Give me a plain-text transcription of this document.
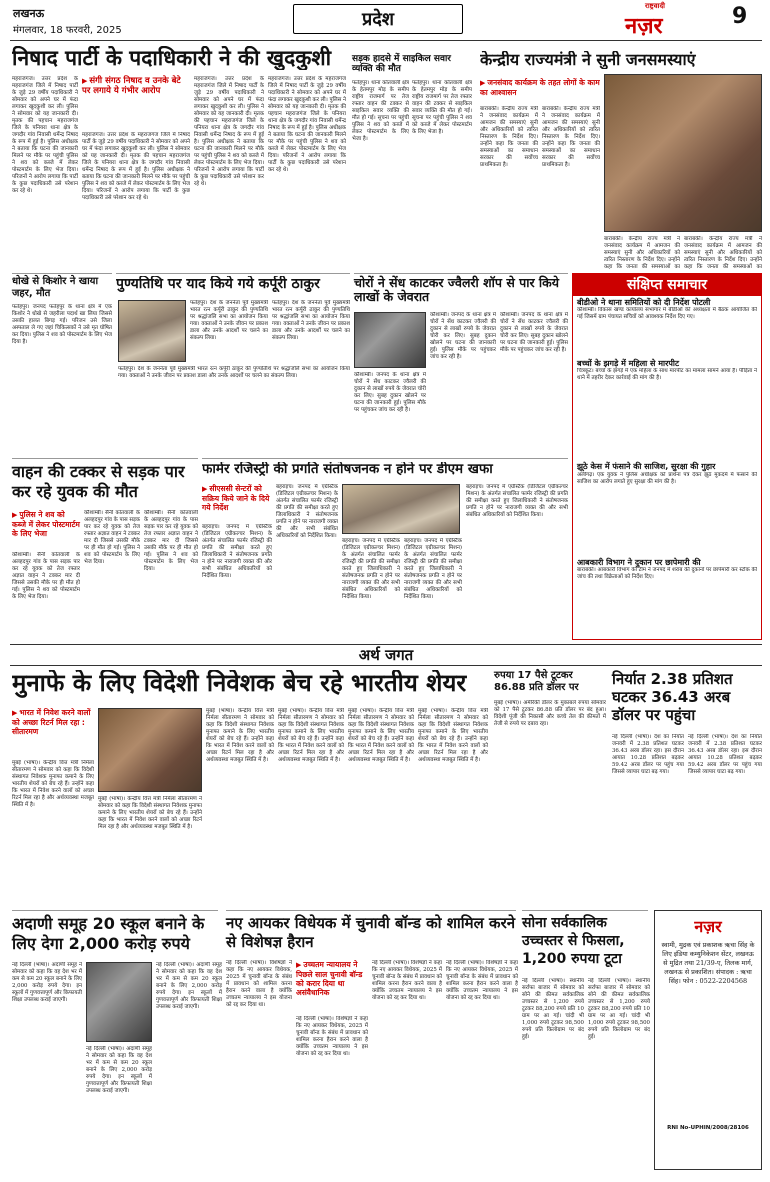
लखनऊ
मंगलवार, 18 फरवरी, 2025
प्रदेश
राष्ट्रवादी
नज़र	9
निषाद पार्टी के पदाधिकारी ने की खुदकुशी
महराजगंज। उत्तर प्रदेश के महराजगंज जिले में निषाद पार्टी के जुड़े 29 वर्षीय पदाधिकारी ने सोमवार को अपने घर में फंदा लगाकर खुदकुशी कर ली। पुलिस ने सोमवार को यह जानकारी दी। मृतक की पहचान महराजगंज जिले के पनियरा थाना क्षेत्र के जगदौर गांव निवासी धर्मेन्द्र निषाद के रूप में हुई है। पुलिस अधीक्षक ने बताया कि घटना की जानकारी मिलने पर मौके पर पहुंची पुलिस ने शव को कब्जे में लेकर पोस्टमार्टम के लिए भेज दिया। परिजनों ने आरोप लगाया कि पार्टी के कुछ पदाधिकारी उसे परेशान कर रहे थे।
▶ संगी संगठ निषाद व उनके बेटे पर लगाये ये गंभीर आरोप
महराजगंज। उत्तर प्रदेश के महराजगंज जिले में निषाद पार्टी के जुड़े 29 वर्षीय पदाधिकारी ने सोमवार को अपने घर में फंदा लगाकर खुदकुशी कर ली। पुलिस ने सोमवार को यह जानकारी दी। मृतक की पहचान महराजगंज जिले के पनियरा थाना क्षेत्र के जगदौर गांव निवासी धर्मेन्द्र निषाद के रूप में हुई है। पुलिस अधीक्षक ने बताया कि घटना की जानकारी मिलने पर मौके पर पहुंची पुलिस ने शव को कब्जे में लेकर पोस्टमार्टम के लिए भेज दिया। परिजनों ने आरोप लगाया कि पार्टी के कुछ पदाधिकारी उसे परेशान कर रहे थे।
महराजगंज। उत्तर प्रदेश के महराजगंज जिले में निषाद पार्टी के जुड़े 29 वर्षीय पदाधिकारी ने सोमवार को अपने घर में फंदा लगाकर खुदकुशी कर ली। पुलिस ने सोमवार को यह जानकारी दी। मृतक की पहचान महराजगंज जिले के पनियरा थाना क्षेत्र के जगदौर गांव निवासी धर्मेन्द्र निषाद के रूप में हुई है। पुलिस अधीक्षक ने बताया कि घटना की जानकारी मिलने पर मौके पर पहुंची पुलिस ने शव को कब्जे में लेकर पोस्टमार्टम के लिए भेज दिया। परिजनों ने आरोप लगाया कि पार्टी के कुछ पदाधिकारी उसे परेशान कर रहे थे।
महराजगंज। उत्तर प्रदेश के महराजगंज जिले में निषाद पार्टी के जुड़े 29 वर्षीय पदाधिकारी ने सोमवार को अपने घर में फंदा लगाकर खुदकुशी कर ली। पुलिस ने सोमवार को यह जानकारी दी। मृतक की पहचान महराजगंज जिले के पनियरा थाना क्षेत्र के जगदौर गांव निवासी धर्मेन्द्र निषाद के रूप में हुई है। पुलिस अधीक्षक ने बताया कि घटना की जानकारी मिलने पर मौके पर पहुंची पुलिस ने शव को कब्जे में लेकर पोस्टमार्टम के लिए भेज दिया। परिजनों ने आरोप लगाया कि पार्टी के कुछ पदाधिकारी उसे परेशान कर रहे थे।
सड़क हादसे में साइकिल सवार व्यक्ति की मौत
फतेहपुर। थाना कोतवाली क्षेत्र के हेतमपुर मोड़ के समीप राष्ट्रीय राजमार्ग पर तेज रफ्तार वाहन की टक्कर से साइकिल सवार व्यक्ति की मौत हो गई। सूचना पर पहुंची पुलिस ने शव को कब्जे में लेकर पोस्टमार्टम के लिए भेजा है।
फतेहपुर। थाना कोतवाली क्षेत्र के हेतमपुर मोड़ के समीप राष्ट्रीय राजमार्ग पर तेज रफ्तार वाहन की टक्कर से साइकिल सवार व्यक्ति की मौत हो गई। सूचना पर पहुंची पुलिस ने शव को कब्जे में लेकर पोस्टमार्टम के लिए भेजा है।
केन्द्रीय राज्यमंत्री ने सुनी जनसमस्याएं
▶ जनसंवाद कार्यक्रम के तहत लोगों के काम का आश्वासन
बाराबंकी। केन्द्रीय राज्य मंत्री ने जनसंवाद कार्यक्रम में आमजन की समस्याएं सुनी और अधिकारियों को त्वरित निस्तारण के निर्देश दिए। उन्होंने कहा कि जनता की समस्याओं का समाधान सरकार की सर्वोच्च प्राथमिकता है।
बाराबंकी। केन्द्रीय राज्य मंत्री ने जनसंवाद कार्यक्रम में आमजन की समस्याएं सुनी और अधिकारियों को त्वरित निस्तारण के निर्देश दिए। उन्होंने कहा कि जनता की समस्याओं का समाधान सरकार की सर्वोच्च प्राथमिकता है।
बाराबंकी। केन्द्रीय राज्य मंत्री ने जनसंवाद कार्यक्रम में आमजन की समस्याएं सुनी और अधिकारियों को त्वरित निस्तारण के निर्देश दिए। उन्होंने कहा कि जनता की समस्याओं का
बाराबंकी। केन्द्रीय राज्य मंत्री ने जनसंवाद कार्यक्रम में आमजन की समस्याएं सुनी और अधिकारियों को त्वरित निस्तारण के निर्देश दिए। उन्होंने कहा कि जनता की समस्याओं का
धोखे से किशोर ने खाया जहर, मौत
फतेहपुर। जनपद फतेहपुर के थाना क्षेत्र में एक किशोर ने धोखे से जहरीला पदार्थ खा लिया जिससे उसकी हालत बिगड़ गई। परिजन उसे जिला अस्पताल ले गए जहां चिकित्सकों ने उसे मृत घोषित कर दिया। पुलिस ने शव को पोस्टमार्टम के लिए भेज दिया है।
पुण्यतिथि पर याद किये गये कर्पूरी ठाकुर
फतेहपुर। देश के जननेता पूर्व मुख्यमंत्री भारत रत्न कर्पूरी ठाकुर की पुण्यतिथि पर श्रद्धांजलि सभा का आयोजन किया गया। वक्ताओं ने उनके जीवन पर प्रकाश डाला और उनके आदर्शों पर चलने का संकल्प लिया।
फतेहपुर। देश के जननेता पूर्व मुख्यमंत्री भारत रत्न कर्पूरी ठाकुर की पुण्यतिथि पर श्रद्धांजलि सभा का आयोजन किया गया। वक्ताओं ने उनके जीवन पर प्रकाश डाला और उनके आदर्शों पर चलने का संकल्प लिया।
फतेहपुर। देश के जननेता पूर्व मुख्यमंत्री भारत रत्न कर्पूरी ठाकुर की पुण्यतिथि पर श्रद्धांजलि सभा का आयोजन किया गया। वक्ताओं ने उनके जीवन पर प्रकाश डाला और उनके आदर्शों पर चलने का संकल्प लिया।
चोरों ने सेंध काटकर ज्वैलरी शॉप से पार किये लाखों के जेवरात
कौशाम्बी। जनपद के थाना क्षेत्र में चोरों ने सेंध काटकर ज्वैलरी की दुकान से लाखों रुपये के जेवरात चोरी कर लिए। सुबह दुकान खोलने पर घटना की जानकारी हुई। पुलिस मौके पर पहुंचकर जांच कर रही है।
कौशाम्बी। जनपद के थाना क्षेत्र में चोरों ने सेंध काटकर ज्वैलरी की दुकान से लाखों रुपये के जेवरात चोरी कर लिए। सुबह दुकान खोलने पर घटना की जानकारी हुई। पुलिस मौके पर पहुंचकर जांच कर रही है।
कौशाम्बी। जनपद के थाना क्षेत्र में चोरों ने सेंध काटकर ज्वैलरी की दुकान से लाखों रुपये के जेवरात चोरी कर लिए। सुबह दुकान खोलने पर घटना की जानकारी हुई। पुलिस मौके पर पहुंचकर जांच कर रही है।
संक्षिप्त समाचार
बीडीओ ने थाना समितियों को दी निर्देश पोटली
कौशाम्बी। विकास खण्ड कार्यालय सभागार में बीडीओ की अध्यक्षता में बैठक आयोजित की गई जिसमें ग्राम पंचायत सचिवों को आवश्यक निर्देश दिए गए।
बच्चों के झगड़े में महिला से मारपीट
चित्रकूट। बच्चों के झगड़े में एक महिला के साथ मारपीट का मामला सामने आया है। पीड़िता ने थाने में तहरीर देकर कार्रवाई की मांग की है।
झूठे केस में फंसाने की साजिश, सुरक्षा की गुहार
अलीगढ़। एक युवक ने पुलिस अधीक्षक को प्रार्थना पत्र देकर झूठे मुकदमे में फंसाने की साजिश का आरोप लगाते हुए सुरक्षा की मांग की है।
आबकारी विभाग ने दुकान पर छापेमारी की
बाराबंकी। आबकारी विभाग की टीम ने जनपद में शराब की दुकानों पर छापेमारी कर स्टॉक की जांच की तथा विक्रेताओं को निर्देश दिए।
वाहन की टक्कर से सड़क पार कर रहे युवक की मौत
▶ पुलिस ने शव को कब्जे में लेकर पोस्टमार्टम के लिए भेजा
कौशाम्बी। सैनी कोतवाली के अलहदपुर गांव के पास सड़क पार कर रहे युवक को तेज रफ्तार अज्ञात वाहन ने टक्कर मार दी जिससे उसकी मौके पर ही मौत हो गई। पुलिस ने शव को पोस्टमार्टम के लिए भेज दिया।
कौशाम्बी। सैनी कोतवाली के अलहदपुर गांव के पास सड़क पार कर रहे युवक को तेज रफ्तार अज्ञात वाहन ने टक्कर मार दी जिससे उसकी मौके पर ही मौत हो गई। पुलिस ने शव को पोस्टमार्टम के लिए भेज दिया।
कौशाम्बी। सैनी कोतवाली के अलहदपुर गांव के पास सड़क पार कर रहे युवक को तेज रफ्तार अज्ञात वाहन ने टक्कर मार दी जिससे उसकी मौके पर ही मौत हो गई। पुलिस ने शव को पोस्टमार्टम के लिए भेज दिया।
फार्मर रजिस्ट्री की प्रगति संतोषजनक न होने पर डीएम खफा
▶ सीएससी सेन्टरों को सक्रिय किये जाने के दिये गये निर्देश
बहराइच। जनपद में एग्रीस्टैक (डिजिटल एग्रीकल्चर मिशन) के अंतर्गत संचालित फार्मर रजिस्ट्री की प्रगति की समीक्षा करते हुए जिलाधिकारी ने संतोषजनक प्रगति न होने पर नाराजगी व्यक्त की और सभी संबंधित अधिकारियों को निर्देशित किया।
बहराइच। जनपद में एग्रीस्टैक (डिजिटल एग्रीकल्चर मिशन) के अंतर्गत संचालित फार्मर रजिस्ट्री की प्रगति की समीक्षा करते हुए जिलाधिकारी ने संतोषजनक प्रगति न होने पर नाराजगी व्यक्त की और सभी संबंधित अधिकारियों को निर्देशित किया।
बहराइच। जनपद में एग्रीस्टैक (डिजिटल एग्रीकल्चर मिशन) के अंतर्गत संचालित फार्मर रजिस्ट्री की प्रगति की समीक्षा करते हुए जिलाधिकारी ने संतोषजनक प्रगति न होने पर नाराजगी व्यक्त की और सभी संबंधित अधिकारियों को निर्देशित किया।
बहराइच। जनपद में एग्रीस्टैक (डिजिटल एग्रीकल्चर मिशन) के अंतर्गत संचालित फार्मर रजिस्ट्री की प्रगति की समीक्षा करते हुए जिलाधिकारी ने संतोषजनक प्रगति न होने पर नाराजगी व्यक्त की और सभी संबंधित अधिकारियों को निर्देशित किया।
बहराइच। जनपद में एग्रीस्टैक (डिजिटल एग्रीकल्चर मिशन) के अंतर्गत संचालित फार्मर रजिस्ट्री की प्रगति की समीक्षा करते हुए जिलाधिकारी ने संतोषजनक प्रगति न होने पर नाराजगी व्यक्त की और सभी संबंधित अधिकारियों को निर्देशित किया।
अर्थ जगत
मुनाफे के लिए विदेशी निवेशक बेच रहे भारतीय शेयर
▶ भारत में निवेश करने वालों को अच्छा रिटर्न मिल रहा : सीतारमण
मुंबई (भाषा)। केन्द्रीय वित्त मंत्री निर्मला सीतारमण ने सोमवार को कहा कि विदेशी संस्थागत निवेशक मुनाफा कमाने के लिए भारतीय शेयरों को बेच रहे हैं। उन्होंने कहा कि भारत में निवेश करने वालों को अच्छा रिटर्न मिल रहा है और अर्थव्यवस्था मजबूत स्थिति में है।
मुंबई (भाषा)। केन्द्रीय वित्त मंत्री निर्मला सीतारमण ने सोमवार को कहा कि विदेशी संस्थागत निवेशक मुनाफा कमाने के लिए भारतीय शेयरों को बेच रहे हैं। उन्होंने कहा कि भारत में निवेश करने वालों को अच्छा रिटर्न मिल रहा है और अर्थव्यवस्था मजबूत स्थिति में है।
मुंबई (भाषा)। केन्द्रीय वित्त मंत्री निर्मला सीतारमण ने सोमवार को कहा कि विदेशी संस्थागत निवेशक मुनाफा कमाने के लिए भारतीय शेयरों को बेच रहे हैं। उन्होंने कहा कि भारत में निवेश करने वालों को अच्छा रिटर्न मिल रहा है और अर्थव्यवस्था मजबूत स्थिति में है।
मुंबई (भाषा)। केन्द्रीय वित्त मंत्री निर्मला सीतारमण ने सोमवार को कहा कि विदेशी संस्थागत निवेशक मुनाफा कमाने के लिए भारतीय शेयरों को बेच रहे हैं। उन्होंने कहा कि भारत में निवेश करने वालों को अच्छा रिटर्न मिल रहा है और अर्थव्यवस्था मजबूत स्थिति में है।
मुंबई (भाषा)। केन्द्रीय वित्त मंत्री निर्मला सीतारमण ने सोमवार को कहा कि विदेशी संस्थागत निवेशक मुनाफा कमाने के लिए भारतीय शेयरों को बेच रहे हैं। उन्होंने कहा कि भारत में निवेश करने वालों को अच्छा रिटर्न मिल रहा है और अर्थव्यवस्था मजबूत स्थिति में है।
मुंबई (भाषा)। केन्द्रीय वित्त मंत्री निर्मला सीतारमण ने सोमवार को कहा कि विदेशी संस्थागत निवेशक मुनाफा कमाने के लिए भारतीय शेयरों को बेच रहे हैं। उन्होंने कहा कि भारत में निवेश करने वालों को अच्छा रिटर्न मिल रहा है और अर्थव्यवस्था मजबूत स्थिति में है।
रुपया 17 पैसे टूटकर 86.88 प्रति डॉलर पर
मुंबई (भाषा)। अमेरिकी डॉलर के मुकाबले रुपया सोमवार को 17 पैसे टूटकर 86.88 प्रति डॉलर पर बंद हुआ। विदेशी पूंजी की निकासी और कच्चे तेल की कीमतों में तेजी से रुपये पर दबाव रहा।
निर्यात 2.38 प्रतिशत घटकर 36.43 अरब डॉलर पर पहुंचा
नई दिल्ली (भाषा)। देश का निर्यात जनवरी में 2.38 प्रतिशत घटकर 36.43 अरब डॉलर रहा। इस दौरान आयात 10.28 प्रतिशत बढ़कर 59.42 अरब डॉलर पर पहुंच गया जिससे व्यापार घाटा बढ़ गया।
नई दिल्ली (भाषा)। देश का निर्यात जनवरी में 2.38 प्रतिशत घटकर 36.43 अरब डॉलर रहा। इस दौरान आयात 10.28 प्रतिशत बढ़कर 59.42 अरब डॉलर पर पहुंच गया जिससे व्यापार घाटा बढ़ गया।
अदाणी समूह 20 स्कूल बनाने के लिए देगा 2,000 करोड़ रुपये
नई दिल्ली (भाषा)। अदाणी समूह ने सोमवार को कहा कि वह देश भर में कम से कम 20 स्कूल बनाने के लिए 2,000 करोड़ रुपये देगा। इन स्कूलों में गुणवत्तापूर्ण और किफायती शिक्षा उपलब्ध कराई जाएगी।
नई दिल्ली (भाषा)। अदाणी समूह ने सोमवार को कहा कि वह देश भर में कम से कम 20 स्कूल बनाने के लिए 2,000 करोड़ रुपये देगा। इन स्कूलों में गुणवत्तापूर्ण और किफायती शिक्षा उपलब्ध कराई जाएगी।
नई दिल्ली (भाषा)। अदाणी समूह ने सोमवार को कहा कि वह देश भर में कम से कम 20 स्कूल बनाने के लिए 2,000 करोड़ रुपये देगा। इन स्कूलों में गुणवत्तापूर्ण और किफायती शिक्षा उपलब्ध कराई जाएगी।
नए आयकर विधेयक में चुनावी बॉन्ड को शामिल करने से विशेषज्ञ हैरान
नई दिल्ली (भाषा)। विशेषज्ञों ने कहा कि नए आयकर विधेयक, 2025 में चुनावी बॉन्ड के संबंध में प्रावधान को शामिल करना हैरान करने वाला है क्योंकि उच्चतम न्यायालय ने इस योजना को रद्द कर दिया था।
▶ उच्चतम न्यायालय ने पिछले साल चुनावी बॉन्ड को करार दिया था असंवैधानिक
नई दिल्ली (भाषा)। विशेषज्ञों ने कहा कि नए आयकर विधेयक, 2025 में चुनावी बॉन्ड के संबंध में प्रावधान को शामिल करना हैरान करने वाला है क्योंकि उच्चतम न्यायालय ने इस योजना को रद्द कर दिया था।
नई दिल्ली (भाषा)। विशेषज्ञों ने कहा कि नए आयकर विधेयक, 2025 में चुनावी बॉन्ड के संबंध में प्रावधान को शामिल करना हैरान करने वाला है क्योंकि उच्चतम न्यायालय ने इस योजना को रद्द कर दिया था।
नई दिल्ली (भाषा)। विशेषज्ञों ने कहा कि नए आयकर विधेयक, 2025 में चुनावी बॉन्ड के संबंध में प्रावधान को शामिल करना हैरान करने वाला है क्योंकि उच्चतम न्यायालय ने इस योजना को रद्द कर दिया था।
सोना सर्वकालिक उच्चस्तर से फिसला, 1,200 रुपया टूटा
नई दिल्ली (भाषा)। स्थानीय सर्राफा बाजार में सोमवार को सोने की कीमत सर्वकालिक उच्चस्तर से 1,200 रुपये टूटकर 88,200 रुपये प्रति 10 ग्राम पर आ गई। चांदी भी 1,000 रुपये टूटकर 98,500 रुपये प्रति किलोग्राम पर बंद हुई।
नई दिल्ली (भाषा)। स्थानीय सर्राफा बाजार में सोमवार को सोने की कीमत सर्वकालिक उच्चस्तर से 1,200 रुपये टूटकर 88,200 रुपये प्रति 10 ग्राम पर आ गई। चांदी भी 1,000 रुपये टूटकर 98,500 रुपये प्रति किलोग्राम पर बंद हुई।
नज़र
स्वामी, मुद्रक एवं प्रकाशक ऋचा सिंह के लिए इंडिया कम्युनिकेशन सेंटर, लखनऊ से मुद्रित तथा 21/39-ए, तिलक मार्ग, लखनऊ से प्रकाशित। संपादक : ऋचा सिंह। फोन : 0522-2204568
RNI No-UPHIN/2008/28106
